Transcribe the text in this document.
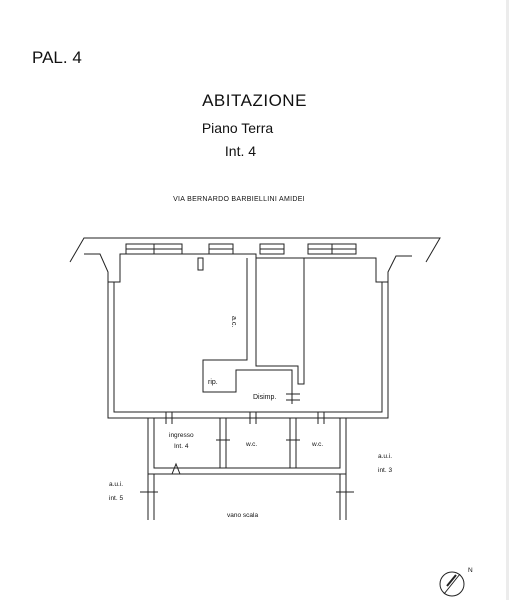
PAL. 4
ABITAZIONE
Piano Terra
Int. 4
VIA BERNARDO BARBIELLINI AMIDEI
a.c.
rip.
Disimp.
ingresso
Int. 4	w.c.	w.c.
vano scala
a.u.i.
int. 5
a.u.i.
int. 3
N
